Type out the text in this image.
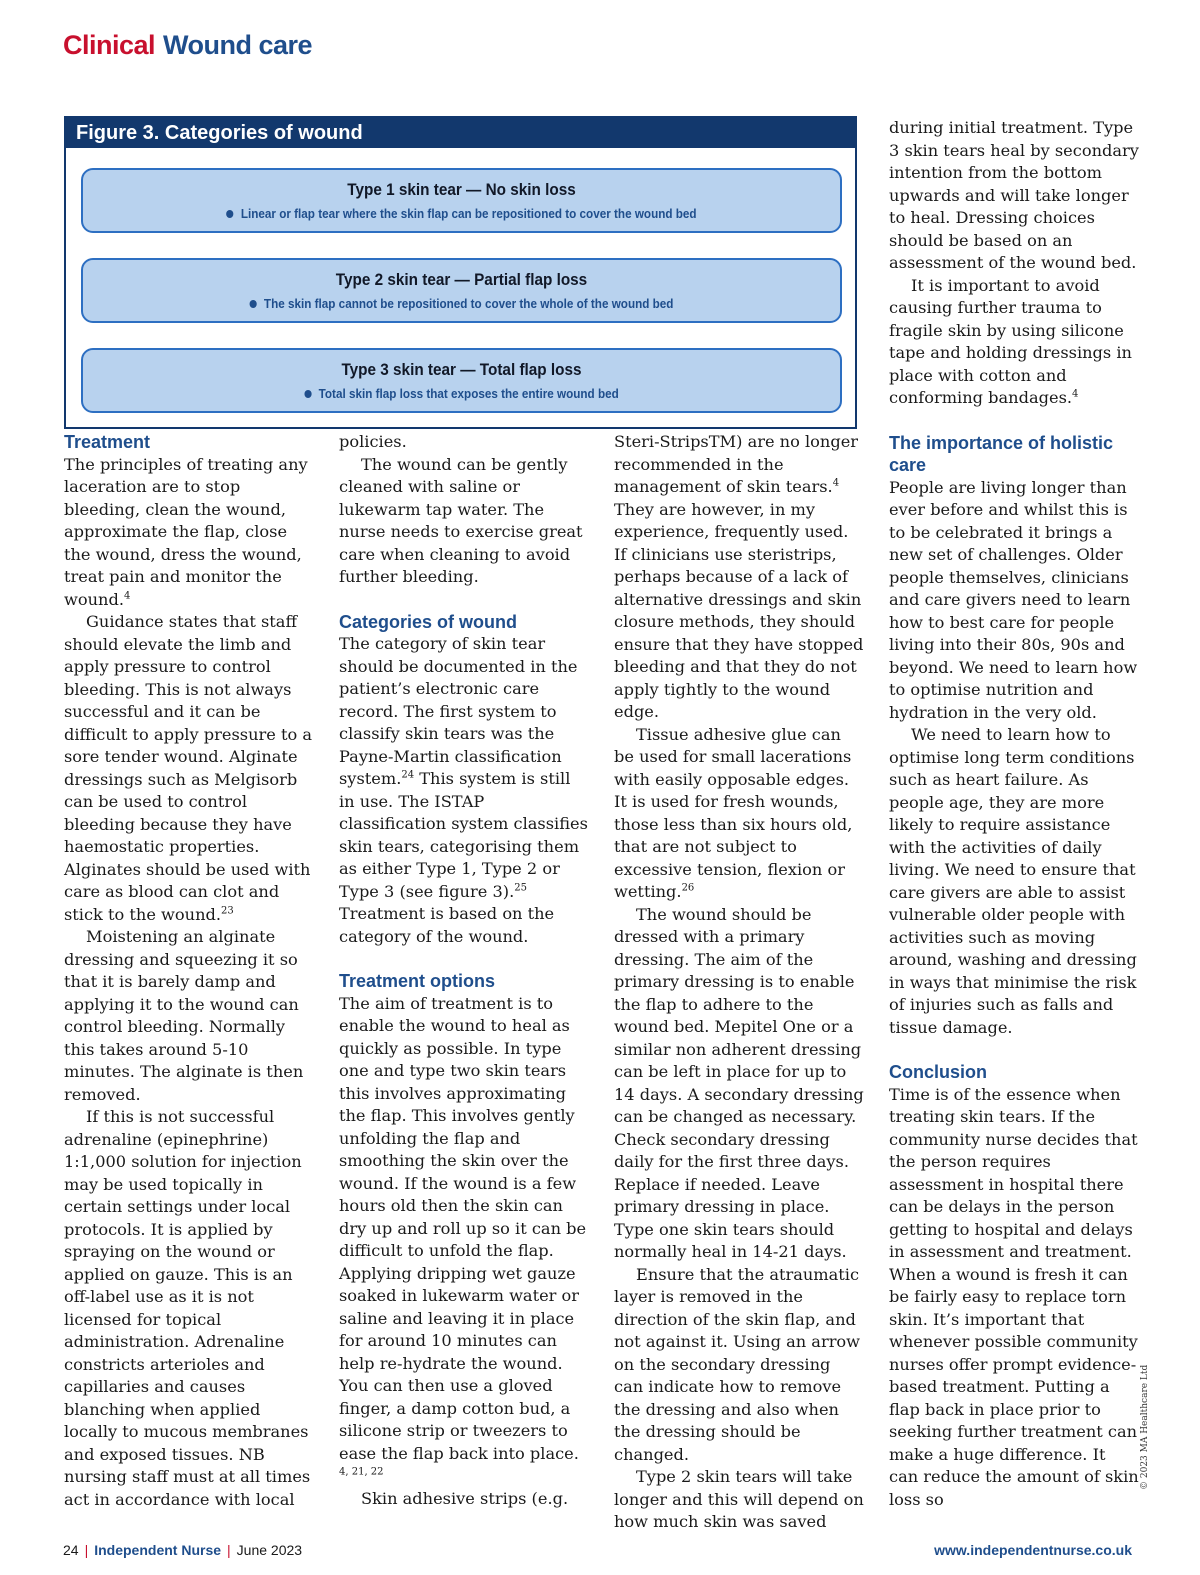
Clinical Wound care
Figure 3. Categories of wound
Type 1 skin tear — No skin loss
Linear or flap tear where the skin flap can be repositioned to cover the wound bed
Type 2 skin tear — Partial flap loss
The skin flap cannot be repositioned to cover the whole of the wound bed
Type 3 skin tear — Total flap loss
Total skin flap loss that exposes the entire wound bed
Treatment

The principles of treating any laceration are to stop bleeding, clean the wound, approximate the flap, close the wound, dress the wound, treat pain and monitor the wound.$^4$

Guidance states that staff should elevate the limb and apply pressure to control bleeding. This is not always successful and it can be difficult to apply pressure to a sore tender wound. Alginate dressings such as Melgisorb can be used to control bleeding because they have haemostatic properties. Alginates should be used with care as blood can clot and stick to the wound.$^{23}$

Moistening an alginate dressing and squeezing it so that it is barely damp and applying it to the wound can control bleeding. Normally this takes around 5-10 minutes. The alginate is then removed.

If this is not successful adrenaline (epinephrine) 1:1,000 solution for injection may be used topically in certain settings under local protocols. It is applied by spraying on the wound or applied on gauze. This is an off-label use as it is not licensed for topical administration. Adrenaline constricts arterioles and capillaries and causes blanching when applied locally to mucous membranes and exposed tissues. NB nursing staff must at all times act in accordance with local

policies.

The wound can be gently cleaned with saline or lukewarm tap water. The nurse needs to exercise great care when cleaning to avoid further bleeding.

Categories of wound

The category of skin tear should be documented in the patient’s electronic care record. The first system to classify skin tears was the Payne-Martin classification system.$^{24}$ This system is still in use. The ISTAP classification system classifies skin tears, categorising them as either Type 1, Type 2 or Type 3 (see figure 3).$^{25}$ Treatment is based on the category of the wound.

Treatment options

The aim of treatment is to enable the wound to heal as quickly as possible. In type one and type two skin tears this involves approximating the flap. This involves gently unfolding the flap and smoothing the skin over the wound. If the wound is a few hours old then the skin can dry up and roll up so it can be difficult to unfold the flap. Applying dripping wet gauze soaked in lukewarm water or saline and leaving it in place for around 10 minutes can help re-hydrate the wound. You can then use a gloved finger, a damp cotton bud, a silicone strip or tweezers to ease the flap back into place. $^{4, 21, 22}$

Skin adhesive strips (e.g.

Steri-StripsTM) are no longer recommended in the management of skin tears.$^4$ They are however, in my experience, frequently used. If clinicians use steristrips, perhaps because of a lack of alternative dressings and skin closure methods, they should ensure that they have stopped bleeding and that they do not apply tightly to the wound edge.

Tissue adhesive glue can be used for small lacerations with easily opposable edges. It is used for fresh wounds, those less than six hours old, that are not subject to excessive tension, flexion or wetting.$^{26}$

The wound should be dressed with a primary dressing. The aim of the primary dressing is to enable the flap to adhere to the wound bed. Mepitel One or a similar non adherent dressing can be left in place for up to 14 days. A secondary dressing can be changed as necessary. Check secondary dressing daily for the first three days. Replace if needed. Leave primary dressing in place. Type one skin tears should normally heal in 14-21 days.

Ensure that the atraumatic layer is removed in the direction of the skin flap, and not against it. Using an arrow on the secondary dressing can indicate how to remove the dressing and also when the dressing should be changed.

Type 2 skin tears will take longer and this will depend on how much skin was saved

during initial treatment. Type 3 skin tears heal by secondary intention from the bottom upwards and will take longer to heal. Dressing choices should be based on an assessment of the wound bed.

It is important to avoid causing further trauma to fragile skin by using silicone tape and holding dressings in place with cotton and conforming bandages.$^4$

The importance of holistic care

People are living longer than ever before and whilst this is to be celebrated it brings a new set of challenges. Older people themselves, clinicians and care givers need to learn how to best care for people living into their 80s, 90s and beyond. We need to learn how to optimise nutrition and hydration in the very old.

We need to learn how to optimise long term conditions such as heart failure. As people age, they are more likely to require assistance with the activities of daily living. We need to ensure that care givers are able to assist vulnerable older people with activities such as moving around, washing and dressing in ways that minimise the risk of injuries such as falls and tissue damage.

Conclusion

Time is of the essence when treating skin tears. If the community nurse decides that the person requires assessment in hospital there can be delays in the person getting to hospital and delays in assessment and treatment. When a wound is fresh it can be fairly easy to replace torn skin. It’s important that whenever possible community nurses offer prompt evidence-based treatment. Putting a flap back in place prior to seeking further treatment can make a huge difference. It can reduce the amount of skin loss so

24 | Independent Nurse | June 2023	www.independentnurse.co.uk
© 2023 MA Healthcare Ltd
